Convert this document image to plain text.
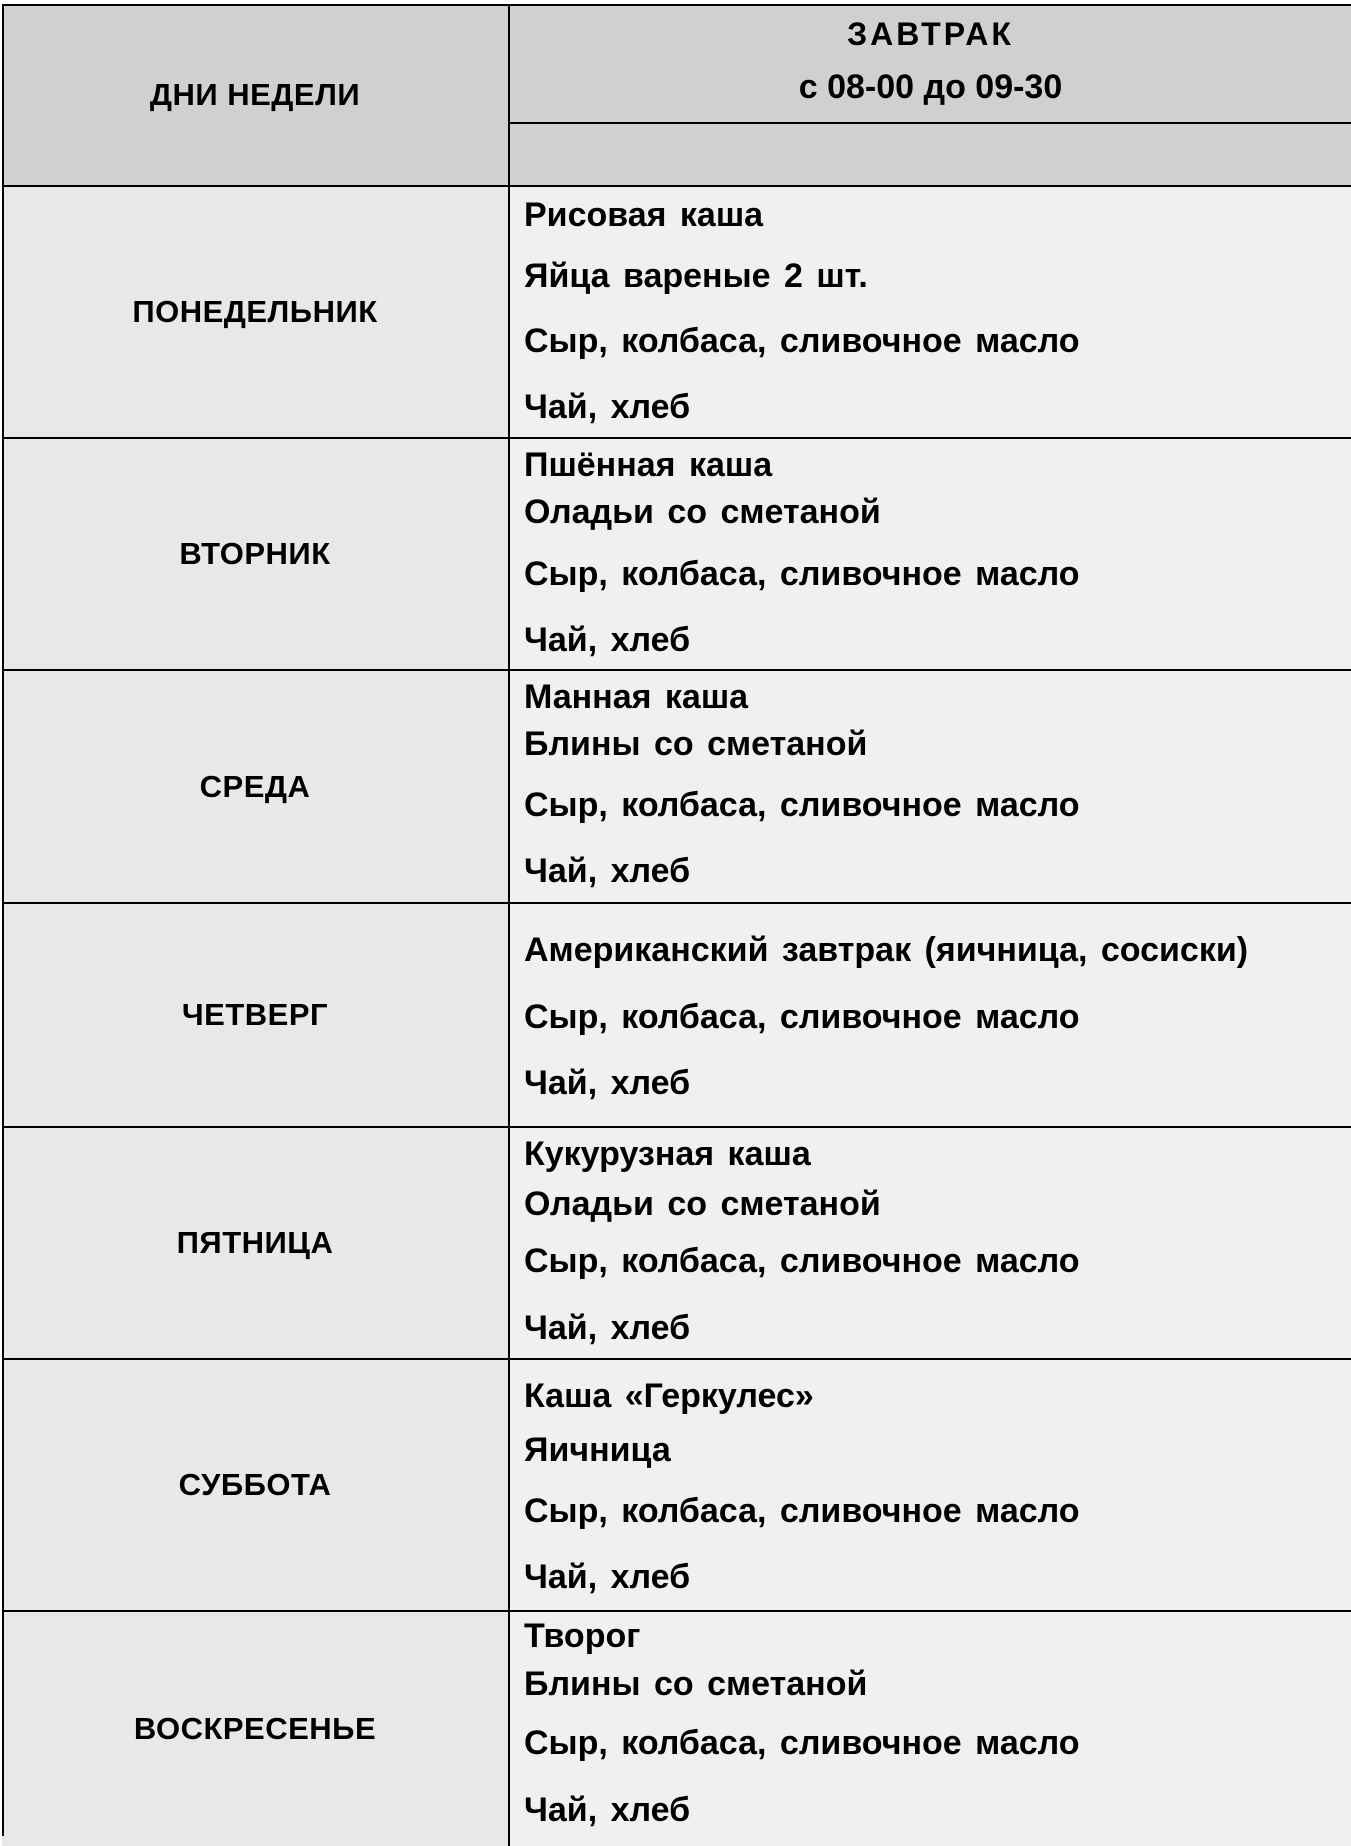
ДНИ НЕДЕЛИ
ЗАВТРАК
с 08-00 до 09-30
ПОНЕДЕЛЬНИК
Рисовая каша
Яйца вареные 2 шт.
Сыр, колбаса, сливочное масло
Чай, хлеб
ВТОРНИК
Пшённая каша
Оладьи со сметаной
Сыр, колбаса, сливочное масло
Чай, хлеб
СРЕДА
Манная каша
Блины со сметаной
Сыр, колбаса, сливочное масло
Чай, хлеб
ЧЕТВЕРГ
Американский завтрак (яичница, сосиски)
Сыр, колбаса, сливочное масло
Чай, хлеб
ПЯТНИЦА
Кукурузная каша
Оладьи со сметаной
Сыр, колбаса, сливочное масло
Чай, хлеб
СУББОТА
Каша «Геркулес»
Яичница
Сыр, колбаса, сливочное масло
Чай, хлеб
ВОСКРЕСЕНЬЕ
Творог
Блины со сметаной
Сыр, колбаса, сливочное масло
Чай, хлеб
